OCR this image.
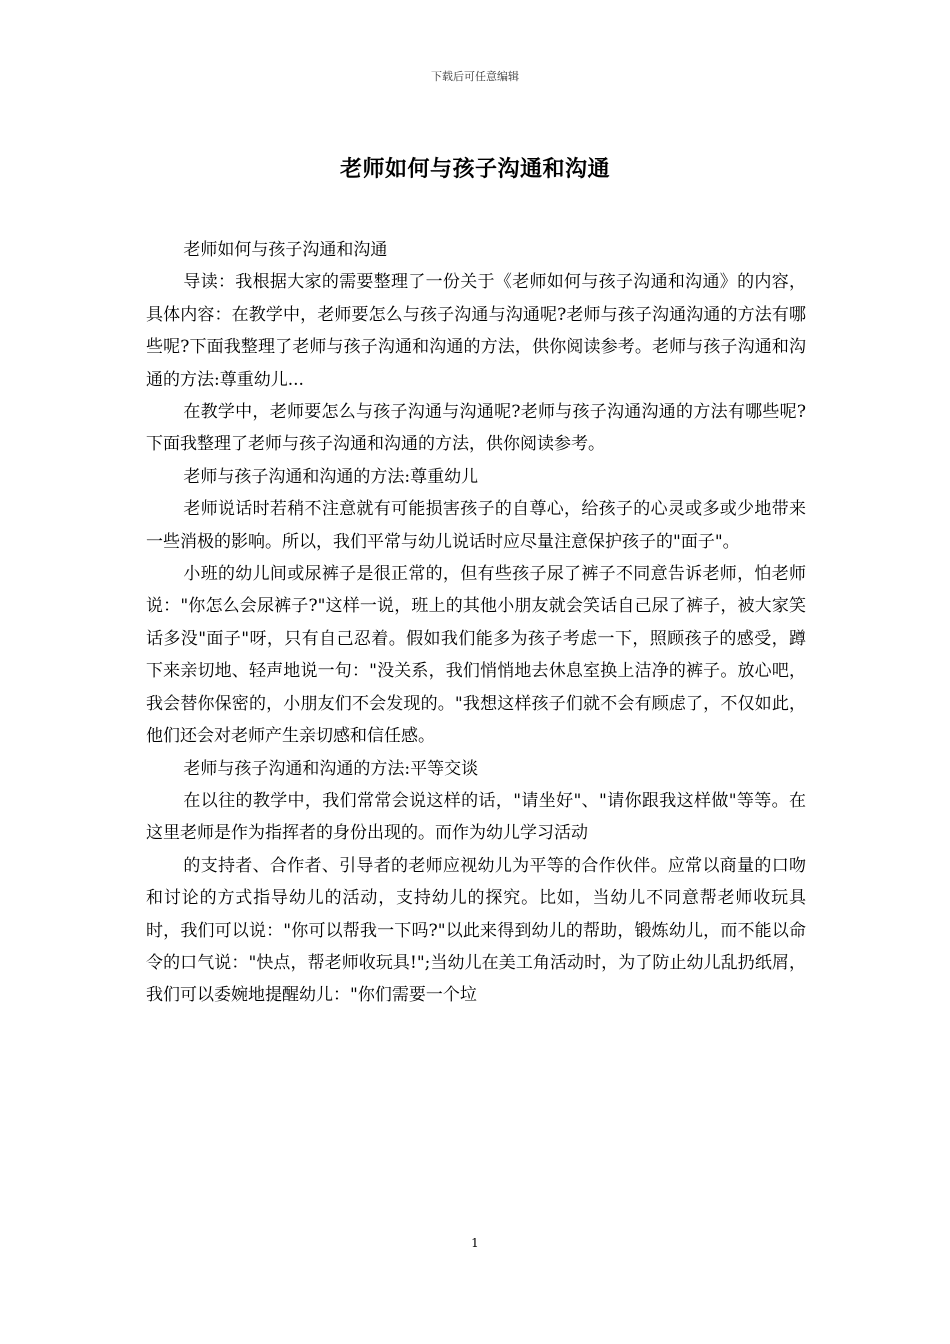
下载后可任意编辑
老师如何与孩子沟通和沟通

老师如何与孩子沟通和沟通

导读：我根据大家的需要整理了一份关于《老师如何与孩子沟通和沟通》的内容，具体内容：在教学中，老师要怎么与孩子沟通与沟通呢?老师与孩子沟通沟通的方法有哪些呢?下面我整理了老师与孩子沟通和沟通的方法，供你阅读参考。老师与孩子沟通和沟通的方法:尊重幼儿...

在教学中，老师要怎么与孩子沟通与沟通呢?老师与孩子沟通沟通的方法有哪些呢?下面我整理了老师与孩子沟通和沟通的方法，供你阅读参考。

老师与孩子沟通和沟通的方法:尊重幼儿

老师说话时若稍不注意就有可能损害孩子的自尊心，给孩子的心灵或多或少地带来一些消极的影响。所以，我们平常与幼儿说话时应尽量注意保护孩子的"面子"。

小班的幼儿间或尿裤子是很正常的，但有些孩子尿了裤子不同意告诉老师，怕老师说："你怎么会尿裤子?"这样一说，班上的其他小朋友就会笑话自己尿了裤子，被大家笑话多没"面子"呀，只有自己忍着。假如我们能多为孩子考虑一下，照顾孩子的感受，蹲下来亲切地、轻声地说一句："没关系，我们悄悄地去休息室换上洁净的裤子。放心吧，我会替你保密的，小朋友们不会发现的。"我想这样孩子们就不会有顾虑了，不仅如此，他们还会对老师产生亲切感和信任感。

老师与孩子沟通和沟通的方法:平等交谈

在以往的教学中，我们常常会说这样的话，"请坐好"、"请你跟我这样做"等等。在这里老师是作为指挥者的身份出现的。而作为幼儿学习活动

的支持者、合作者、引导者的老师应视幼儿为平等的合作伙伴。应常以商量的口吻和讨论的方式指导幼儿的活动，支持幼儿的探究。比如，当幼儿不同意帮老师收玩具时，我们可以说："你可以帮我一下吗?"以此来得到幼儿的帮助，锻炼幼儿，而不能以命令的口气说："快点，帮老师收玩具!";当幼儿在美工角活动时，为了防止幼儿乱扔纸屑，我们可以委婉地提醒幼儿："你们需要一个垃

1
